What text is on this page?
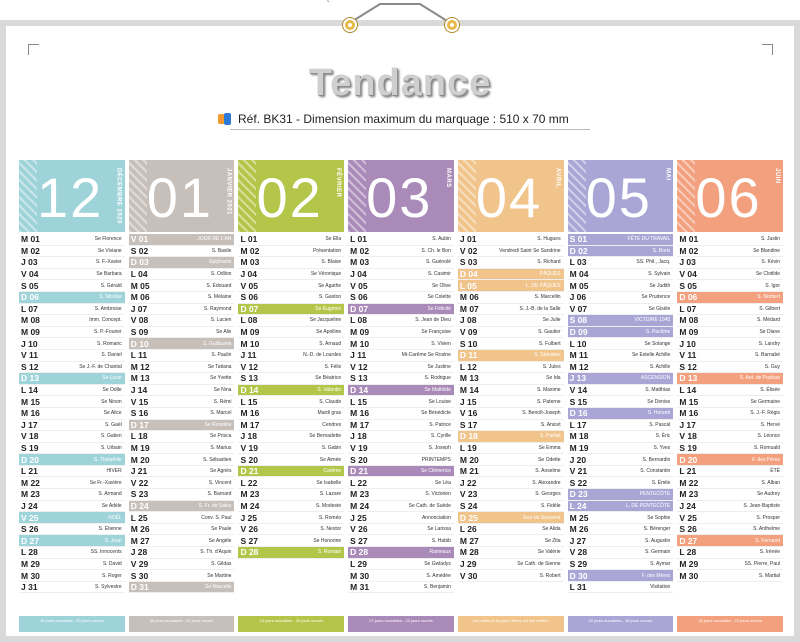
Tendance
Réf. BK31 - Dimension maximum du marquage : 510 x 70 mm
12 DÉCEMBRE 2020
M 01	Se Florence
M 02	Se Viviane
J 03	S. F.-Xavier
V 04	Se Barbara
S 05	S. Gérald
D 06	S. Nicolas
L 07	S. Ambroise
M 08	Imm. Concept.
M 09	S. P.-Fourier
J 10	S. Romaric
V 11	S. Daniel
S 12	Se J.-F. de Chantal
D 13	Se Lucie
L 14	Se Odile
M 15	Se Ninon
M 16	Se Alice
J 17	S. Gaël
V 18	S. Gatien
S 19	S. Urbain
D 20	S. Théophile
L 21	HIVER
M 22	Se Fr.-Xavière
M 23	S. Armand
J 24	Se Adèle
V 25	NOËL
S 26	S. Étienne
D 27	S. Jean
L 28	SS. Innocents
M 29	S. David
M 30	S. Roger
J 31	S. Sylvestre
30 jours ouvrables - 30 jours ouvrés
01 JANVIER 2021
V 01	JOUR DE L'AN
S 02	S. Basile
D 03	Épiphanie
L 04	S. Odilon
M 05	S. Édouard
M 06	S. Mélaine
J 07	S. Raymond
V 08	S. Lucien
S 09	Se Alix
D 10	S. Guillaume
L 11	S. Paulin
M 12	Se Tatiana
M 13	Se Yvette
J 14	Se Nina
V 15	S. Rémi
S 16	S. Marcel
D 17	Se Roseline
L 18	Se Prisca
M 19	S. Marius
M 20	S. Sébastien
J 21	Se Agnès
V 22	S. Vincent
S 23	S. Barnard
D 24	S. Fr. de Sales
L 25	Conv. S. Paul
M 26	Se Paule
M 27	Se Angèle
J 28	S. Th. d'Aquin
V 29	S. Gildas
S 30	Se Martine
D 31	Se Marcelle
30 jours ouvrables - 30 jours ouvrés
02 FÉVRIER
L 01	Se Ella
M 02	Présentation
M 03	S. Blaise
J 04	Se Véronique
V 05	Se Agathe
S 06	S. Gaston
D 07	Se Eugénie
L 08	Se Jacqueline
M 09	Se Apolline
M 10	S. Arnaud
J 11	N.-D. de Lourdes
V 12	S. Félix
S 13	Se Béatrice
D 14	S. Valentin
L 15	S. Claude
M 16	Mardi gras
M 17	Cendres
J 18	Se Bernadette
V 19	S. Gabin
S 20	Se Aimée
D 21	Carême
L 22	Se Isabelle
M 23	S. Lazare
M 24	S. Modeste
J 25	S. Roméo
V 26	S. Nestor
S 27	Se Honorine
D 28	S. Romain
24 jours ouvrables - 20 jours ouvrés
03 MARS
L 01	S. Aubin
M 02	S. Ch. le Bon
M 03	S. Guénolé
J 04	S. Casimir
V 05	Se Olive
S 06	Se Colette
D 07	Se Félicité
L 08	S. Jean de Dieu
M 09	Se Françoise
M 10	S. Vivien
J 11	Mi-Carême Se Rosine
V 12	Se Justine
S 13	S. Rodrigue
D 14	Se Mathilde
L 15	Se Louise
M 16	Se Bénédicte
M 17	S. Patrice
J 18	S. Cyrille
V 19	S. Joseph
S 20	PRINTEMPS
D 21	Se Clémence
L 22	Se Léa
M 23	S. Victorien
M 24	Se Cath. de Suède
J 25	Annonciation
V 26	Se Larissa
S 27	S. Habib
D 28	Rameaux
L 29	Se Gwladys
M 30	S. Amédée
M 31	S. Benjamin
27 jours ouvrables - 23 jours ouvrés
04 AVRIL
J 01	S. Hugues
V 02	Vendredi Saint Se Sandrine
S 03	S. Richard
D 04	PÂQUES
L 05	L. DE PÂQUES
M 06	S. Marcellin
M 07	S. J.-B. de la Salle
J 08	Se Julie
V 09	S. Gautier
S 10	S. Fulbert
D 11	S. Stanislas
L 12	S. Jules
M 13	Se Ida
M 14	S. Maxime
J 15	S. Paterne
V 16	S. Benoît-Joseph
S 17	S. Anicet
D 18	S. Parfait
L 19	Se Emma
M 20	Se Odette
M 21	S. Anselme
J 22	S. Alexandre
V 23	S. Georges
S 24	S. Fidèle
D 25	Jour du Souvenir
L 26	Se Alida
M 27	Se Zita
M 28	Se Valérie
J 29	Se Cath. de Sienne
V 30	S. Robert
Les dates et les jours fériés ont été vérifiés
05 MAI
S 01	FÊTE DU TRAVAIL
D 02	S. Boris
L 03	SS. Phil., Jacq.
M 04	S. Sylvain
M 05	Se Judith
J 06	Se Prudence
V 07	Se Gisèle
S 08	VICTOIRE 1945
D 09	S. Pacôme
L 10	Se Solange
M 11	Se Estelle Achille
M 12	S. Achille
J 13	ASCENSION
V 14	S. Matthias
S 15	Se Denise
D 16	S. Honoré
L 17	S. Pascal
M 18	S. Éric
M 19	S. Yves
J 20	S. Bernardin
V 21	S. Constantin
S 22	S. Émile
D 23	PENTECÔTE
L 24	L. DE PENTECÔTE
M 25	Se Sophie
M 26	S. Bérenger
J 27	S. Augustin
V 28	S. Germain
S 29	S. Aymar
D 30	F. des Mères
L 31	Visitation
22 jours ouvrables - 18 jours ouvrés
06 JUIN
M 01	S. Justin
M 02	Se Blandine
J 03	S. Kévin
V 04	Se Clotilde
S 05	S. Igor
D 06	S. Norbert
L 07	S. Gilbert
M 08	S. Médard
M 09	Se Diane
J 10	S. Landry
V 11	S. Barnabé
S 12	S. Guy
D 13	S. Ant. de Padoue
L 14	S. Élisée
M 15	Se Germaine
M 16	S. J.-F. Régis
J 17	S. Hervé
V 18	S. Léonce
S 19	S. Romuald
D 20	F. des Pères
L 21	ÉTÉ
M 22	S. Alban
M 23	Se Audrey
J 24	S. Jean-Baptiste
V 25	S. Prosper
S 26	S. Anthelme
D 27	S. Fernand
L 28	S. Irénée
M 29	SS. Pierre, Paul
M 30	S. Martial
26 jours ouvrables - 22 jours ouvrés
